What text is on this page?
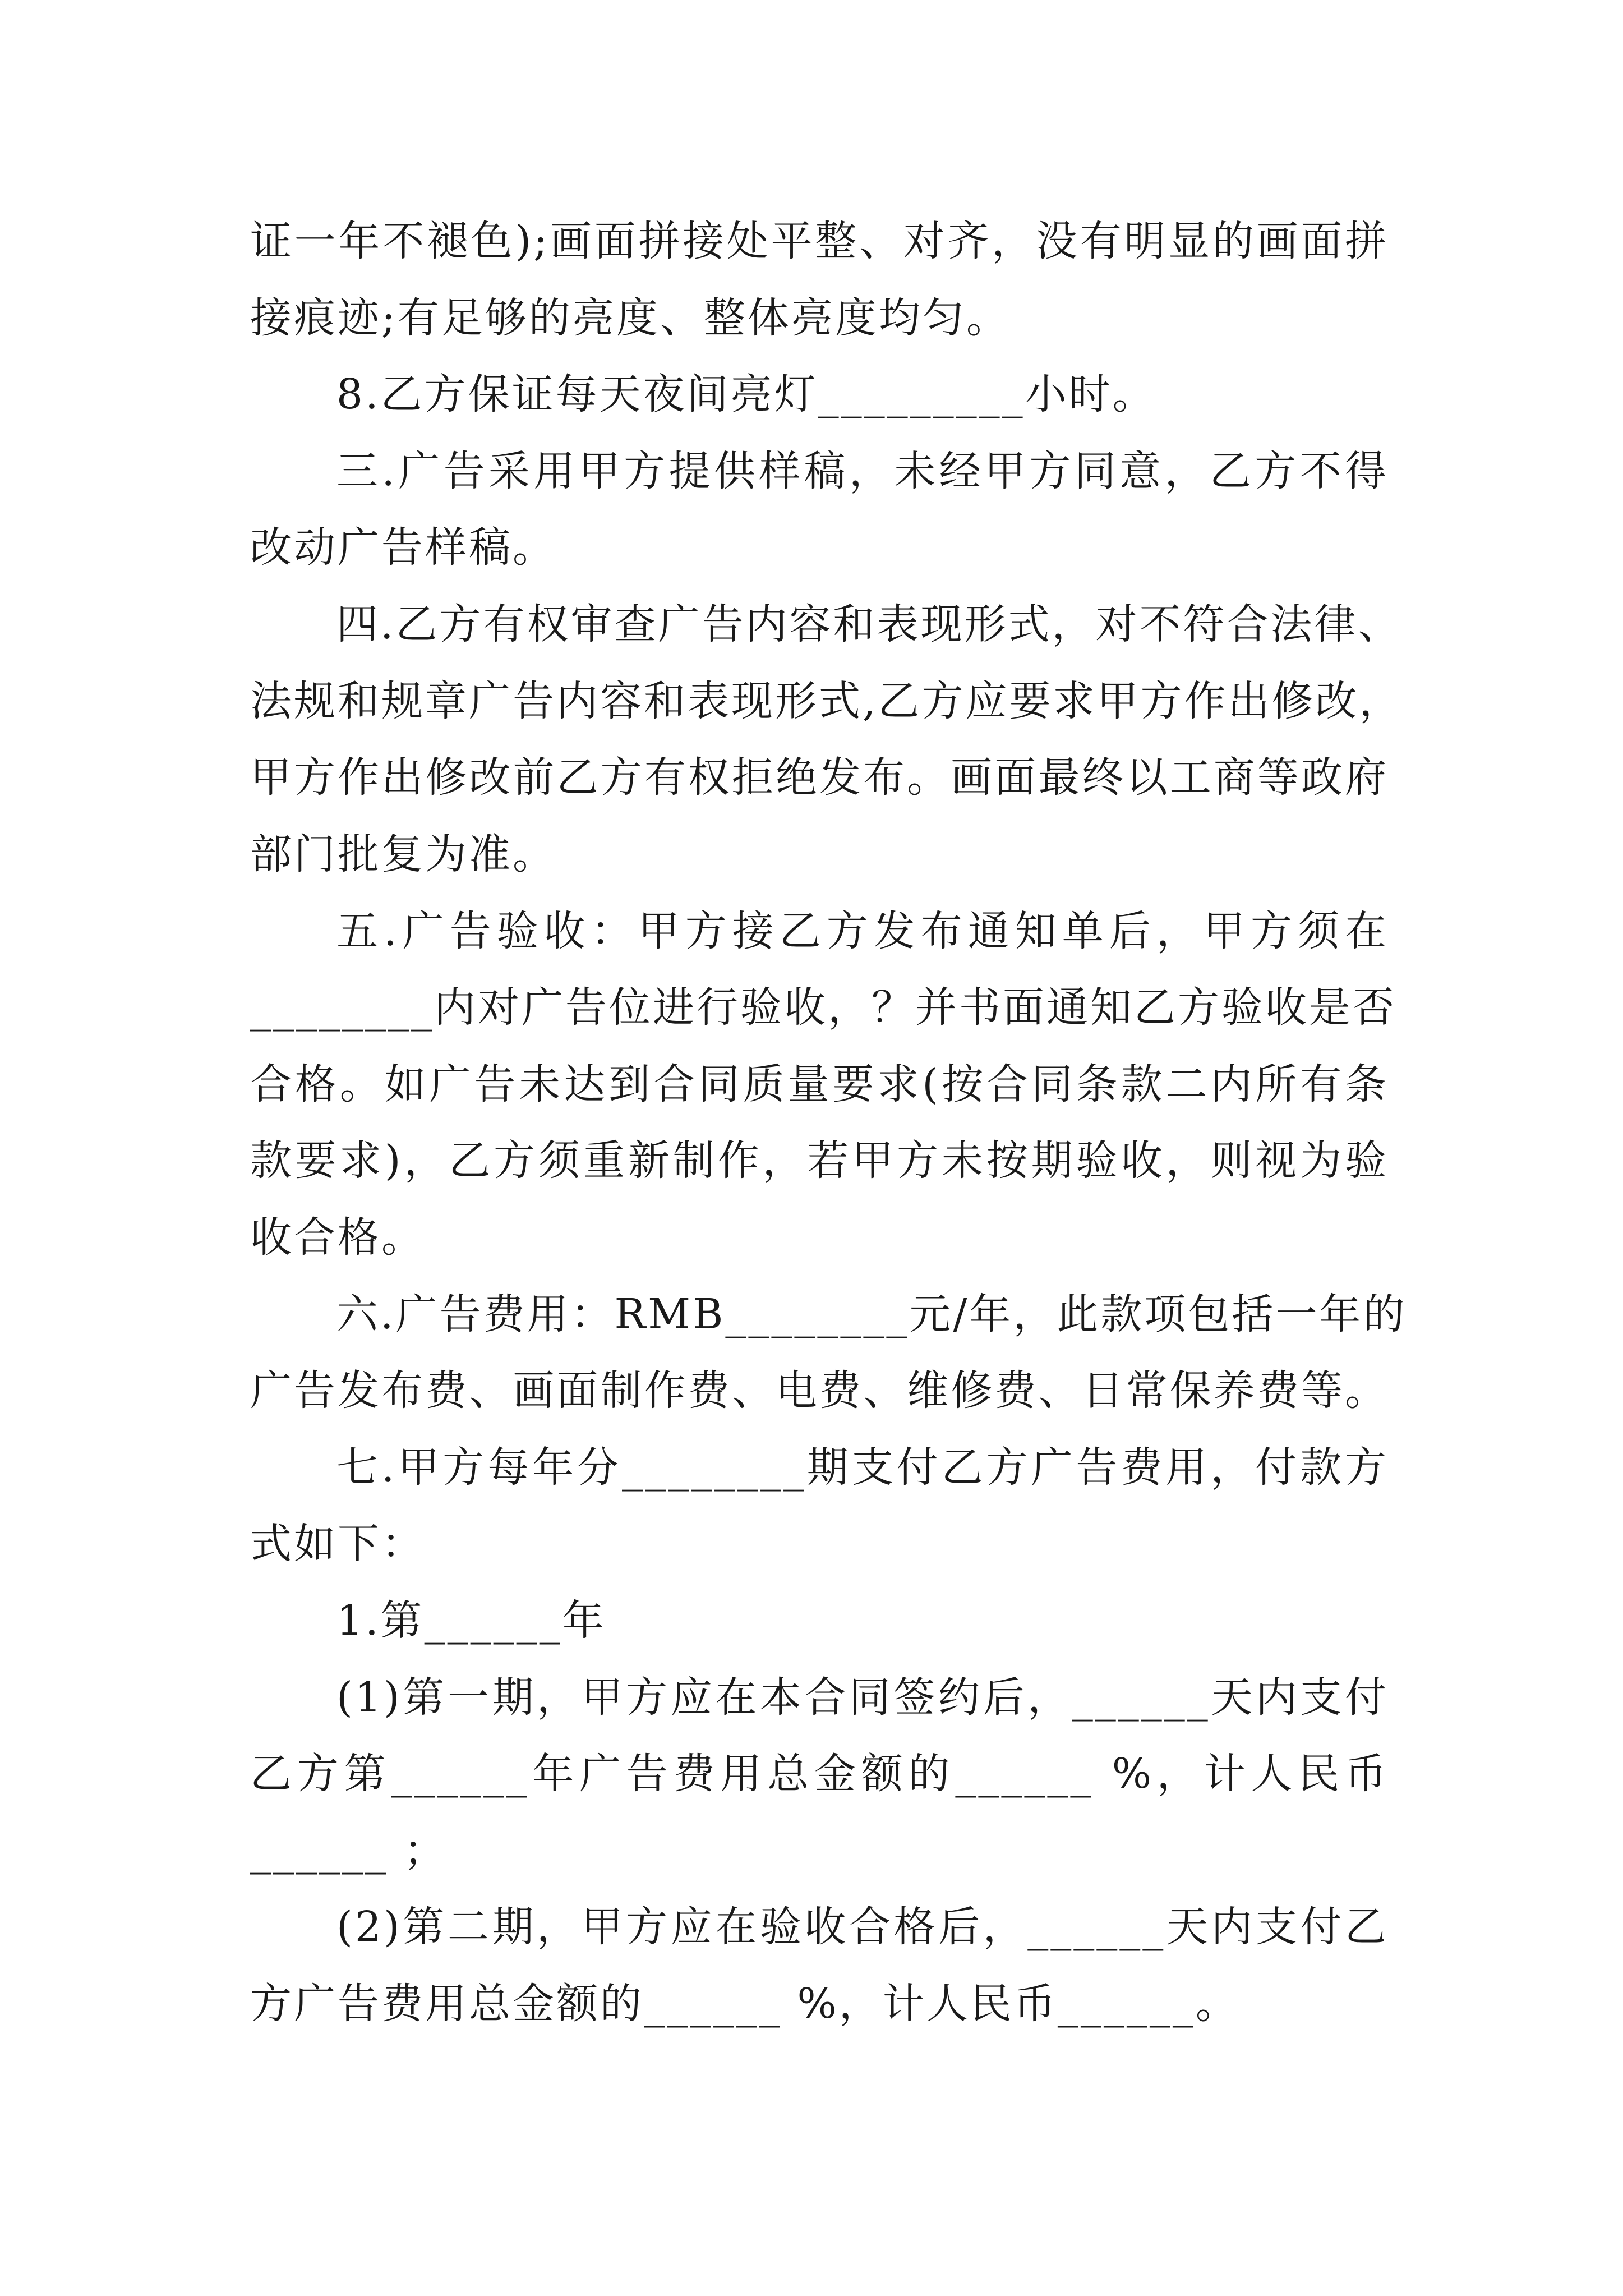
证一年不褪色);画面拼接处平整、对齐，没有明显的画面拼
接痕迹;有足够的亮度、整体亮度均匀。
8.乙方保证每天夜间亮灯_________小时。
三.广告采用甲方提供样稿，未经甲方同意，乙方不得
改动广告样稿。
四.乙方有权审查广告内容和表现形式，对不符合法律、
法规和规章广告内容和表现形式,乙方应要求甲方作出修改，
甲方作出修改前乙方有权拒绝发布。画面最终以工商等政府
部门批复为准。
五.广告验收：甲方接乙方发布通知单后，甲方须在
________内对广告位进行验收，？并书面通知乙方验收是否
合格。如广告未达到合同质量要求(按合同条款二内所有条
款要求)，乙方须重新制作，若甲方未按期验收，则视为验
收合格。
六.广告费用：RMB________元/年，此款项包括一年的
广告发布费、画面制作费、电费、维修费、日常保养费等。
七.甲方每年分________期支付乙方广告费用，付款方
式如下：
1.第______年
(1)第一期，甲方应在本合同签约后，______天内支付
乙方第______年广告费用总金额的______ %，计人民币
______ ；
(2)第二期，甲方应在验收合格后，______天内支付乙
方广告费用总金额的______ %，计人民币______。
